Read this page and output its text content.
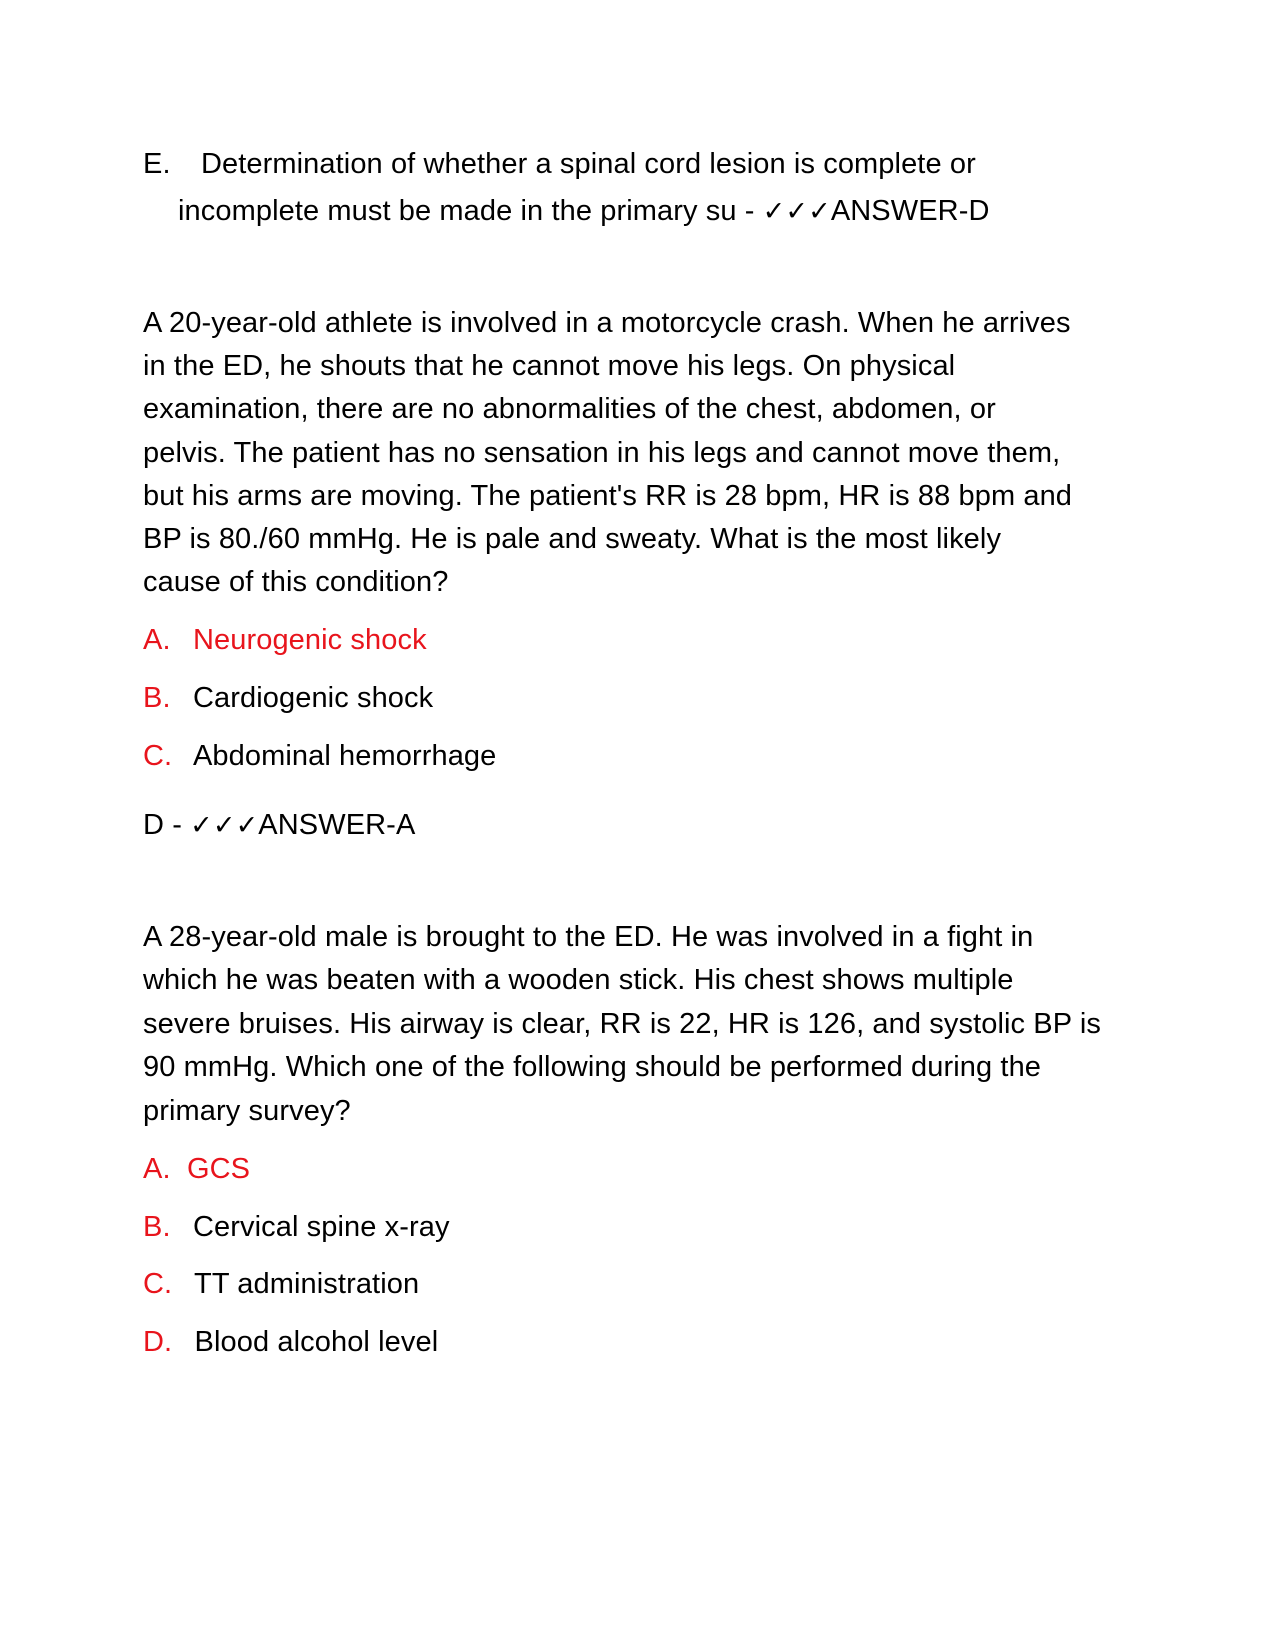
E. Determination of whether a spinal cord lesion is complete or
incomplete must be made in the primary su - ✓✓✓ANSWER-D
A 20-year-old athlete is involved in a motorcycle crash. When he arrives
in the ED, he shouts that he cannot move his legs. On physical
examination, there are no abnormalities of the chest, abdomen, or
pelvis. The patient has no sensation in his legs and cannot move them,
but his arms are moving. The patient's RR is 28 bpm, HR is 88 bpm and
BP is 80./60 mmHg. He is pale and sweaty. What is the most likely
cause of this condition?
A. Neurogenic shock
B. Cardiogenic shock
C. Abdominal hemorrhage
D - ✓✓✓ANSWER-A
A 28-year-old male is brought to the ED. He was involved in a fight in
which he was beaten with a wooden stick. His chest shows multiple
severe bruises. His airway is clear, RR is 22, HR is 126, and systolic BP is
90 mmHg. Which one of the following should be performed during the
primary survey?
A. GCS
B. Cervical spine x-ray
C. TT administration
D. Blood alcohol level
